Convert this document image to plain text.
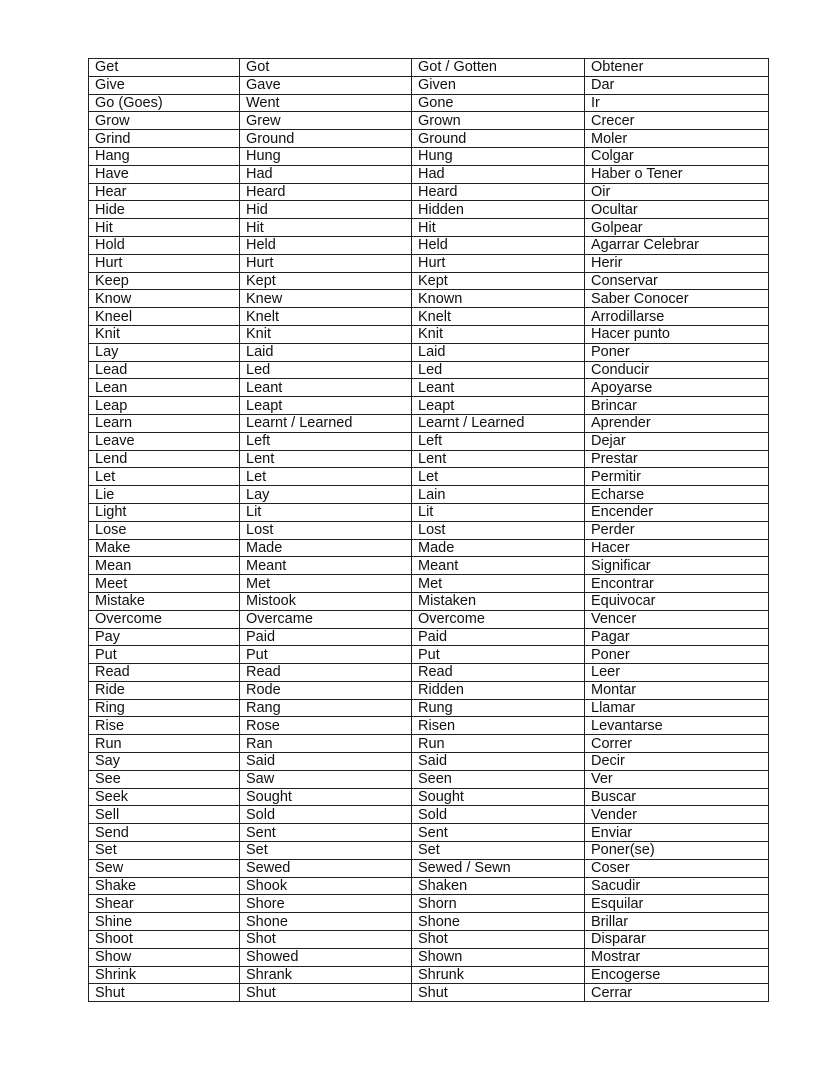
Get	Got	Got / Gotten	Obtener
Give	Gave	Given	Dar
Go (Goes)	Went	Gone	Ir
Grow	Grew	Grown	Crecer
Grind	Ground	Ground	Moler
Hang	Hung	Hung	Colgar
Have	Had	Had	Haber o Tener
Hear	Heard	Heard	Oir
Hide	Hid	Hidden	Ocultar
Hit	Hit	Hit	Golpear
Hold	Held	Held	Agarrar Celebrar
Hurt	Hurt	Hurt	Herir
Keep	Kept	Kept	Conservar
Know	Knew	Known	Saber Conocer
Kneel	Knelt	Knelt	Arrodillarse
Knit	Knit	Knit	Hacer punto
Lay	Laid	Laid	Poner
Lead	Led	Led	Conducir
Lean	Leant	Leant	Apoyarse
Leap	Leapt	Leapt	Brincar
Learn	Learnt / Learned	Learnt / Learned	Aprender
Leave	Left	Left	Dejar
Lend	Lent	Lent	Prestar
Let	Let	Let	Permitir
Lie	Lay	Lain	Echarse
Light	Lit	Lit	Encender
Lose	Lost	Lost	Perder
Make	Made	Made	Hacer
Mean	Meant	Meant	Significar
Meet	Met	Met	Encontrar
Mistake	Mistook	Mistaken	Equivocar
Overcome	Overcame	Overcome	Vencer
Pay	Paid	Paid	Pagar
Put	Put	Put	Poner
Read	Read	Read	Leer
Ride	Rode	Ridden	Montar
Ring	Rang	Rung	Llamar
Rise	Rose	Risen	Levantarse
Run	Ran	Run	Correr
Say	Said	Said	Decir
See	Saw	Seen	Ver
Seek	Sought	Sought	Buscar
Sell	Sold	Sold	Vender
Send	Sent	Sent	Enviar
Set	Set	Set	Poner(se)
Sew	Sewed	Sewed / Sewn	Coser
Shake	Shook	Shaken	Sacudir
Shear	Shore	Shorn	Esquilar
Shine	Shone	Shone	Brillar
Shoot	Shot	Shot	Disparar
Show	Showed	Shown	Mostrar
Shrink	Shrank	Shrunk	Encogerse
Shut	Shut	Shut	Cerrar
